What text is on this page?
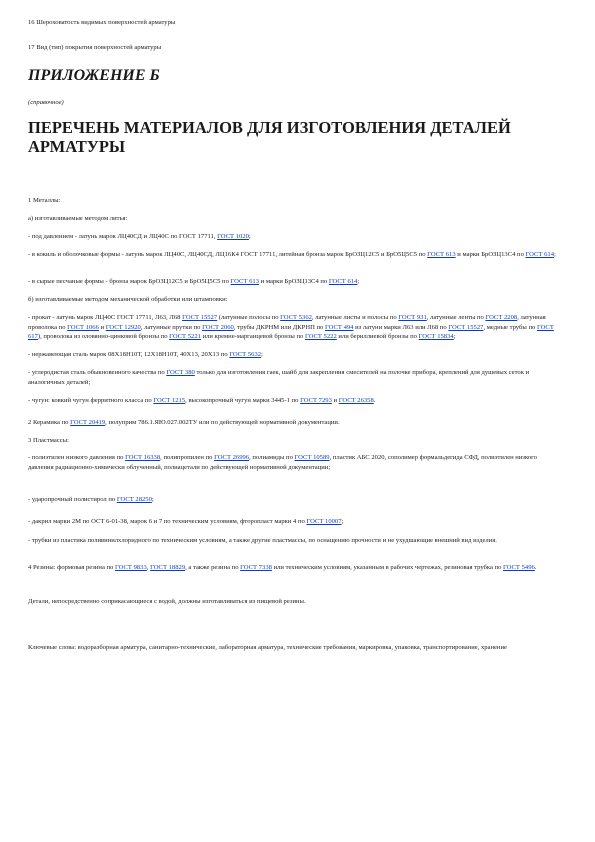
16 Шероховатость видимых поверхностей арматуры

17 Вид (тип) покрытия поверхностей арматуры

ПРИЛОЖЕНИЕ Б
(справочное)
ПЕРЕЧЕНЬ МАТЕРИАЛОВ ДЛЯ ИЗГОТОВЛЕНИЯ ДЕТАЛЕЙ АРМАТУРЫ

1 Металлы:

а) изготавливаемые методом литья:

- под давлением - латунь марок ЛЦ40СД и ЛЦ40С по ГОСТ 17711, ГОСТ 1020;

- в кокиль и оболочковые формы - латунь марок ЛЦ40С, ЛЦ40СД, ЛЦ16К4 ГОСТ 17711, литейная бронза марок БрОЗЦ12С5 и БрО5Ц5С5 по ГОСТ 613 и марки БрОЗЦ13С4 по ГОСТ 614;

- в сырые песчаные формы - бронза марок БрОЗЦ12С5 и БрО5Ц5С5 по ГОСТ 613 и марки БрОЗЦ13С4 по ГОСТ 614;

б) изготавливаемые методом механической обработки или штамповки:

- прокат - латунь марок ЛЦ40С ГОСТ 17711, Л63, Л68 ГОСТ 15527 (латунные полосы по ГОСТ 5362, латунные листы и полосы по ГОСТ 931, латунные ленты по ГОСТ 2208, латунная проволока по ГОСТ 1066 и ГОСТ 12920, латунные прутки по ГОСТ 2060, трубы ДКРНМ или ДКРНП по ГОСТ 494 из латуни марки Л63 или Л68 по ГОСТ 15527, медные трубы по ГОСТ 617), проволока из оловянно-цинковой бронзы по ГОСТ 5221 или кремне-марганцевой бронзы по ГОСТ 5222 или бериллиевой бронзы по ГОСТ 15834;

- нержавеющая сталь марок 08Х18Н10Т, 12Х18Н10Т, 40Х13, 20Х13 по ГОСТ 5632;

- углеродистая сталь обыкновенного качества по ГОСТ 380 только для изготовления гаек, шайб для закрепления смесителей на полочке прибора, креплений для душевых сеток и аналогичных деталей;

- чугун: ковкий чугун ферритного класса по ГОСТ 1215, высокопрочный чугун марки 3445-1 по ГОСТ 7293 и ГОСТ 26358.

2 Керамика по ГОСТ 20419, полуприм 786.1.ЯЮ.027.002ТУ или по действующей нормативной документации.

3 Пластмассы:

- полиэтилен низкого давления по ГОСТ 16338, полипропилен по ГОСТ 26996, полиамиды по ГОСТ 10589, пластик АБС 2020, сополимер формальдегида СФД, полиэтилен низкого давления радиационно-химически облученный, полиацетали по действующей нормативной документации;

- ударопрочный полистирол по ГОСТ 28250;

- дакрил марки 2М по ОСТ 6-01-38, марок 6 и 7 по техническим условиям, фторопласт марки 4 по ГОСТ 10007;

- трубки из пластика поливинилхлоридного по техническим условиям, а также другие пластмассы, по оснащению прочности и не ухудшающие внешний вид изделия.

4 Резины: формовая резина по ГОСТ 9833, ГОСТ 18829, а также резина по ГОСТ 7338 или техническим условиям, указанным в рабочих чертежах, резиновая трубка по ГОСТ 5496.

Детали, непосредственно соприкасающиеся с водой, должны изготавливаться из пищевой резины.

Ключевые слова: водоразборная арматура, санитарно-технические, лабораторная арматура, технические требования, маркировка, упаковка, транспортирование, хранение
